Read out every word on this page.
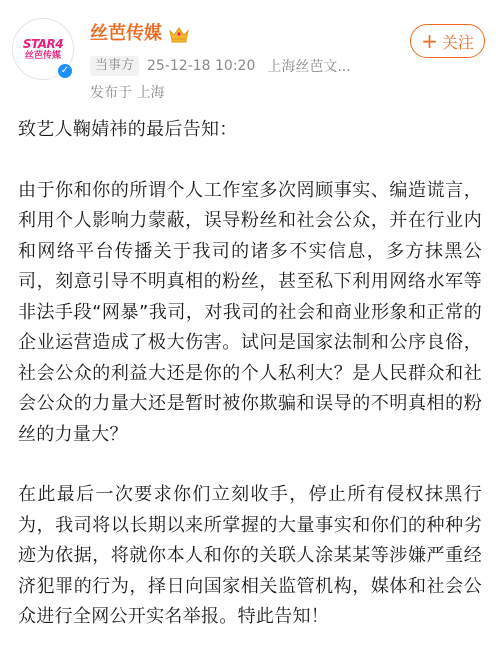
STAR4
丝芭传媒
✓
丝芭传媒
当事方 25-12-18 10:20 上海丝芭文...
发布于 上海
+ 关注

致艺人鞠婧祎的最后告知：

由于你和你的所谓个人工作室多次罔顾事实、编造谎言，利用个人影响力蒙蔽，误导粉丝和社会公众，并在行业内和网络平台传播关于我司的诸多不实信息，多方抹黑公司，刻意引导不明真相的粉丝，甚至私下利用网络水军等非法手段“网暴”我司，对我司的社会和商业形象和正常的企业运营造成了极大伤害。试问是国家法制和公序良俗，社会公众的利益大还是你的个人私利大？是人民群众和社会公众的力量大还是暂时被你欺骗和误导的不明真相的粉丝的力量大？

在此最后一次要求你们立刻收手，停止所有侵权抹黑行为，我司将以长期以来所掌握的大量事实和你们的种种劣迹为依据，将就你本人和你的关联人涂某某等涉嫌严重经济犯罪的行为，择日向国家相关监管机构，媒体和社会公众进行全网公开实名举报。特此告知！
